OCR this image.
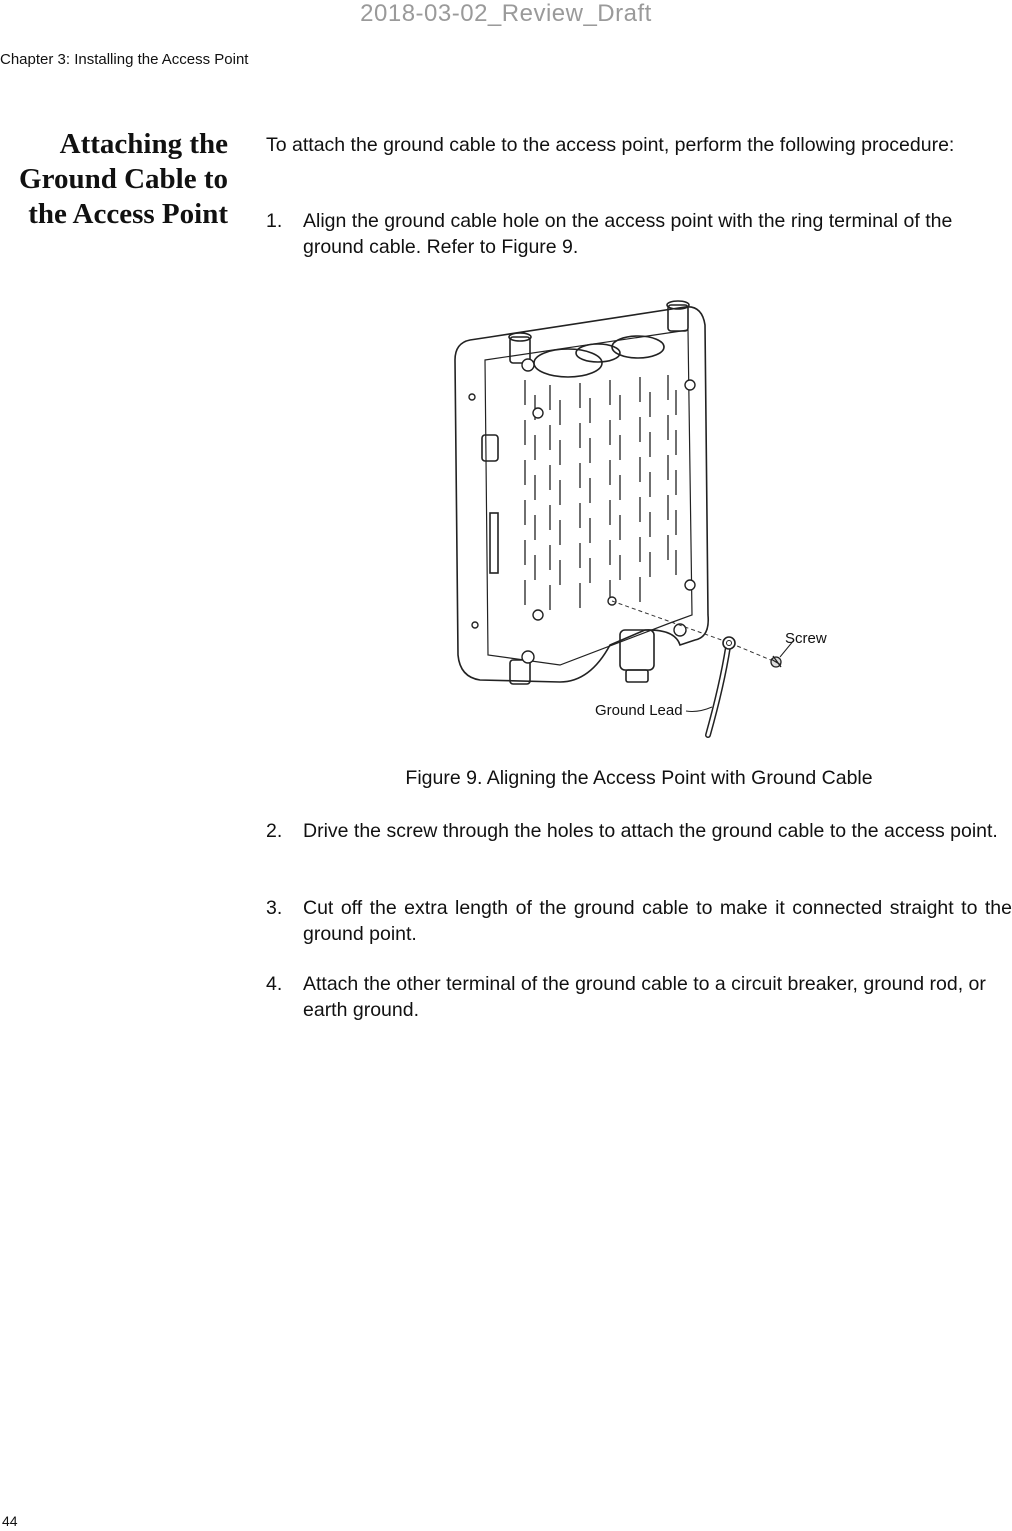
2018-03-02_Review_Draft
Chapter 3: Installing the Access Point
Attaching the
Ground Cable to
the Access Point

To attach the ground cable to the access point, perform the following procedure:

1. Align the ground cable hole on the access point with the ring terminal of the ground cable. Refer to Figure 9.
Screw
Ground Lead
Figure 9. Aligning the Access Point with Ground Cable
2. Drive the screw through the holes to attach the ground cable to the access point.
3. Cut off the extra length of the ground cable to make it connected straight to the ground point.
4. Attach the other terminal of the ground cable to a circuit breaker, ground rod, or earth ground.
44
